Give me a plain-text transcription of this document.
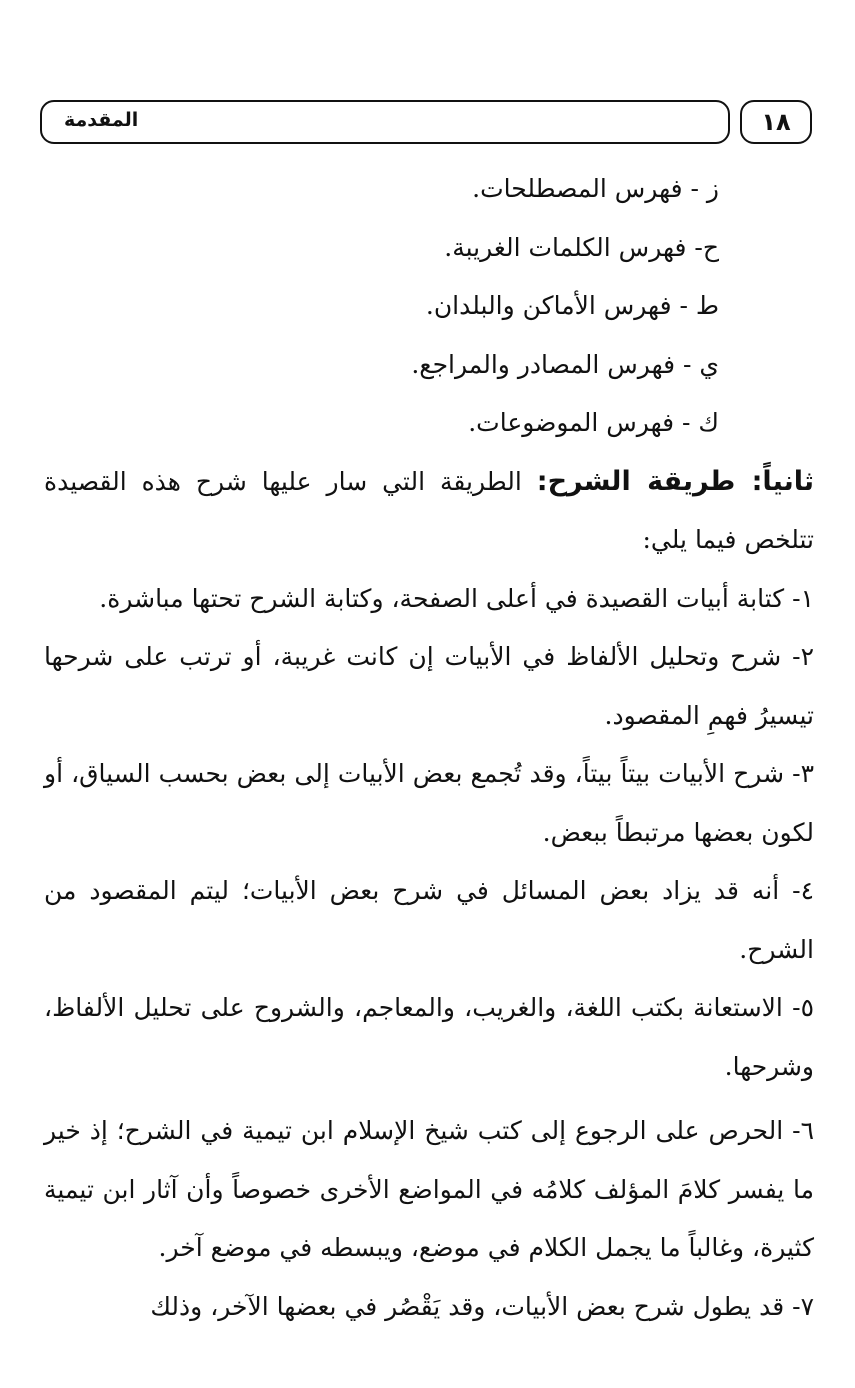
١٨
المقدمة
ز - فهرس المصطلحات.
ح- فهرس الكلمات الغريبة.
ط - فهرس الأماكن والبلدان.
ي - فهرس المصادر والمراجع.
ك - فهرس الموضوعات.

ثانياً: طريقة الشرح: الطريقة التي سار عليها شرح هذه القصيدة تتلخص فيما يلي:

١- كتابة أبيات القصيدة في أعلى الصفحة، وكتابة الشرح تحتها مباشرة.

٢- شرح وتحليل الألفاظ في الأبيات إن كانت غريبة، أو ترتب على شرحها تيسيرُ فهمِ المقصود.

٣- شرح الأبيات بيتاً بيتاً، وقد تُجمع بعض الأبيات إلى بعض بحسب السياق، أو لكون بعضها مرتبطاً ببعض.

٤- أنه قد يزاد بعض المسائل في شرح بعض الأبيات؛ ليتم المقصود من الشرح.

٥- الاستعانة بكتب اللغة، والغريب، والمعاجم، والشروح على تحليل الألفاظ، وشرحها.

٦- الحرص على الرجوع إلى كتب شيخ الإسلام ابن تيمية في الشرح؛ إذ خير ما يفسر كلامَ المؤلف كلامُه في المواضع الأخرى خصوصاً وأن آثار ابن تيمية كثيرة، وغالباً ما يجمل الكلام في موضع، ويبسطه في موضع آخر.

٧- قد يطول شرح بعض الأبيات، وقد يَقْصُر في بعضها الآخر، وذلك
